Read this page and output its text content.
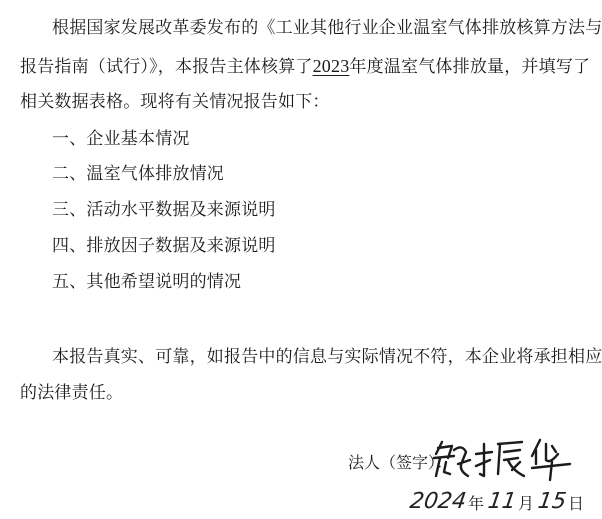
根据国家发展改革委发布的《工业其他行业企业温室气体排放核算方法与
报告指南（试行）》，本报告主体核算了2023年度温室气体排放量，并填写了
相关数据表格。现将有关情况报告如下：
一、企业基本情况
二、温室气体排放情况
三、活动水平数据及来源说明
四、排放因子数据及来源说明
五、其他希望说明的情况
本报告真实、可靠，如报告中的信息与实际情况不符，本企业将承担相应
的法律责任。
法人（签字）：
2024 年 11 月 15 日
